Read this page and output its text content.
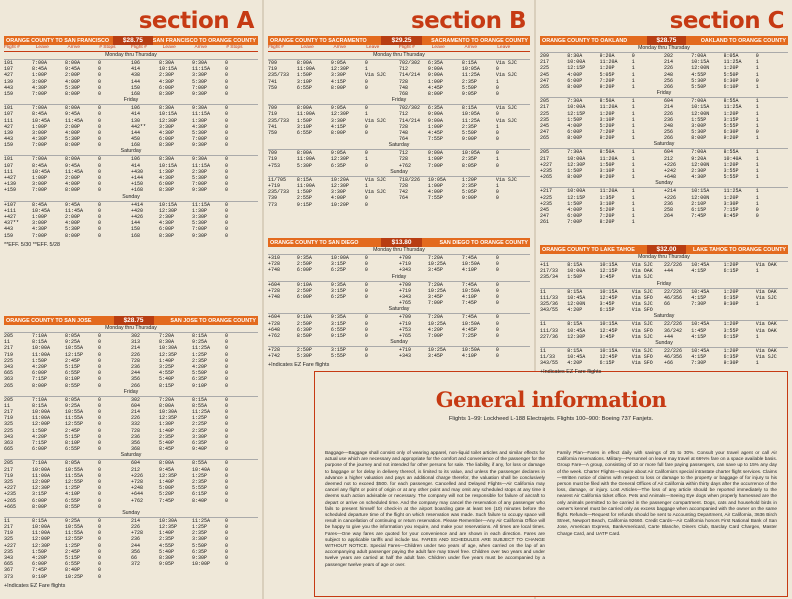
section A	section B	section C
General information
Flights 1–99: Lockheed L-188 Electrajets. Flights 100–900: Boeing 737 Fanjets.
Baggage—Baggage shall consist only of wearing apparel, non-liquid toilet articles and similar effects for actual use which are necessary and appropriate for the comfort and convenience of the passenger for the purpose of the journey and not intended for other persons for sale. The liability, if any, for loss or damage to baggage or for delay in delivery thereof, is limited to its value, and unless the passenger declares in advance a higher valuation and pays an additional charge therefor, the valuation shall be conclusively deemed not to exceed $500. for each passenger. Cancelled and Delayed Flights—Air California may cancel any flight or point of origin or at any other point and may omit any scheduled stops at any time it deems such action advisable or necessary. The company will not be responsible for failure of aircraft to depart or arrive on scheduled time. And the company may cancel the reservation of any passenger who fails to present himself for check-in at the airport boarding gate at least ten (10) minutes before the scheduled departure time of the flight on which reservation was made. Such failure to occupy space will result in cancellation of continuing or return reservation. Please Remember—Any Air California Office will be happy to give you the information you require, and make your reservations. All times are local times. Fares—One way fares are quoted for your convenience and are shown in each direction. Fares are subject to applicable tariffs and include tax. FARES AND SCHEDULES ARE SUBJECT TO CHANGE WITHOUT NOTICE. Special Fares—Children under two years of age, when carried on the lap of an accompanying adult passenger paying the adult fare may travel free. Children over two years and under twelve years are carried at half the adult fare. Children under five years must be accompanied by a passenger twelve years of age or over.
Family Plan—Fares in effect daily with savings of 25 to 30%. Consult your travel agent or call Air California reservations. Military—Personnel on leave may travel at 66⅔% fare on a space available basis. Group Fare—A group, consisting of 10 or more full fare paying passengers, can save up to 15% any day of the week. Charter Flights—Inquire about Air California's special intrastate charter flight services. Claims—Written notice of claims with respect to loss or damage to the property or baggage of for injury to his person must be filed with the General Offices of Air California within thirty days after the occurrence of the loss, damage, or injury. Lost Articles—The loss of any article should be reported immediately to the nearest Air California ticket office. Pets and Animals—Seeing Eye dogs when properly harnessed are the only animals permitted to be carried in the passenger compartment. Dogs, cats and household birds in owner's kennel must be carried only as excess baggage when accompanied with the owner on the same flight. Refunds—Request for refunds should be sent to Accounting Department, Air California, 3636 Birch Street, Newport Beach, California 92660. Credit Cards—Air California honors First National Bank of San Jose, American Express, BankAmericard, Carte Blanche, Diners Club, Barclay Card Chargex, Master Charge Card, and UATP Card.
ORANGE COUNTY TO SAN FRANCISCO	$28.75	SAN FRANCISCO TO ORANGE COUNTY
Flight #	Leave	Arrive	# Stops	Flight #	Leave	Arrive	# Stops
Monday thru Thursday
101	7:00A	8:00A	0
107	8:45A	9:45A	0
427	1:00P	2:00P	0
139	3:00P	4:00P	0
443	4:30P	5:30P	0
159	7:00P	8:00P	0
106	8:30A	9:30A	0
414	10:15A	11:15A	0
438	2:30P	3:30P	0
144	4:30P	5:30P	0
150	6:00P	7:00P	0
168	8:30P	9:30P	0
Friday
101	7:00A	8:00A	0
107	8:45A	9:45A	0
111	10:45A	11:45A	0
427	1:00P	2:00P	0
139	3:00P	4:00P	0
443	4:30P	5:30P	0
159	7:00P	8:00P	0
106	8:30A	9:30A	0
414	10:15A	11:15A	0
130	12:30P	1:30P	0
442**	3:30P	4:30P	0
144	4:30P	5:30P	0
450	6:00P	7:00P	0
168	8:30P	9:30P	0
Saturday
101	7:00A	8:00A	0
107	8:45A	9:45A	0
111	10:45A	11:45A	0
+427	1:00P	2:00P	0
+139	3:00P	4:00P	0
+159	7:00P	8:00P	0
106	8:30A	9:30A	0
414	10:15A	11:15A	0
+430	1:30P	2:30P	0
+144	4:30P	5:30P	0
+150	6:00P	7:00P	0
+168	8:30P	9:30P	0
Sunday
+107	8:45A	9:45A	0
+111	10:45A	11:45A	0
+427	1:00P	2:00P	0
437**	3:00P	4:00P	0
443	4:30P	5:30P	0
159	7:00P	8:00P	0
+414	10:15A	11:15A	0
+420	12:30P	1:30P	0
+426	2:30P	3:30P	0
144	4:30P	5:30P	0
150	6:00P	7:00P	0
168	8:30P	9:30P	0
**EFF. 5/30 **EFF. 5/28
ORANGE COUNTY TO SAN JOSE	$28.75	SAN JOSE TO ORANGE COUNTY
Monday thru Thursday
205	7:10A	8:05A	0
11	8:15A	9:25A	0
217	10:00A	10:55A	0
719	11:00A	12:15P	0
225	1:50P	2:45P	0
343	4:20P	5:15P	0
665	6:00P	6:55P	0
363	7:15P	8:10P	0
265	8:00P	8:55P	0
302	7:20A	8:15A	0
313	8:30A	9:25A	0
214	10:30A	11:25A	0
226	12:35P	1:25P	0
728	1:40P	2:35P	0
236	3:25P	4:20P	0
244	4:55P	5:50P	0
356	5:40P	6:35P	0
266	8:15P	9:10P	0
Friday
205	7:10A	8:05A	0
11	8:15A	9:25A	0
217	10:00A	10:55A	0
719	11:00A	11:55A	0
325	12:00P	12:55P	0
225	1:50P	2:45P	0
343	4:20P	5:15P	0
363	7:15P	8:10P	0
665	6:00P	6:55P	0
302	7:20A	8:15A	0
604	8:00A	8:55A	0
214	10:30A	11:25A	0
226	12:35P	1:25P	0
332	1:30P	2:25P	0
728	1:40P	2:35P	0
236	2:35P	3:30P	0
356	5:40P	6:35P	0
368	8:45P	9:40P	0
Saturday
205	7:10A	8:05A	0
217	10:00A	10:55A	0
719	11:00A	11:55A	0
325	12:00P	12:55P	0
+227	12:30P	1:25P	0
+235	3:15P	4:10P	0
+265	6:00P	6:55P	0
+665	8:00P	8:55P	0
604	8:00A	8:55A	0
212	9:45A	10:40A	0
+226	12:35P	1:25P	0
+728	1:40P	2:35P	0
+248	5:00P	5:55P	0
+644	5:20P	6:15P	0
+762	7:45P	8:40P	0
Sunday
11	8:15A	9:25A	0
217	10:00A	10:55A	0
719	11:00A	11:55A	0
325	12:00P	12:55P	0
+227	12:30P	1:25P	0
235	1:50P	2:45P	0
343	4:20P	5:15P	0
665	6:00P	6:55P	0
367	7:45P	8:40P	0
373	9:10P	10:25P	0
214	10:30A	11:25A	0
226	12:35P	1:25P	0
+728	1:40P	2:35P	0
236	2:35P	3:30P	0
244	4:55P	5:50P	0
356	5:40P	6:35P	0
66	8:30P	9:30P	0
372	9:05P	10:00P	0
+Indicates EZ Fare flights
ORANGE COUNTY TO SACRAMENTO	$29.25	SACRAMENTO TO ORANGE COUNTY
Flight #	Leave	Arrive	Leave	Flight #	Leave	Arrive	Leave
Monday thru Thursday
709	8:00A	9:05A	0
719	11:00A	12:30P	1
235/733	1:50P	3:30P	Via SJC
741	3:10P	4:15P	0
759	6:55P	8:00P	0
702/302	6:35A	8:15A	Via SJC
712	9:00A	10:05A	0
714/214	9:00A	11:25A	Via SJC
728	1:00P	2:35P	1
748	4:45P	5:50P	0
768	8:00P	9:05P	0
Friday
709	8:00A	9:05A	0
719	11:00A	12:30P	1
235/733	1:50P	3:30P	Via SJC
741	3:10P	4:15P	0
759	6:55P	8:00P	0
702/302	6:35A	8:15A	Via SJC
712	9:00A	10:05A	0
714/214	9:00A	11:25A	Via SJC
728	1:00P	2:35P	1
748	4:45P	5:50P	0
764	7:55P	9:00P	0
Saturday
709	8:00A	9:05A	0
719	11:00A	12:30P	1
+753	5:30P	6:35P	0
712	9:00A	10:05A	0
728	1:00P	2:35P	1
+762	7:00P	8:05P	0
Sunday
11/705	8:15A	10:20A	Via SJC
+719	11:00A	12:30P	1
235/733	1:50P	3:30P	Via SJC
739	2:55P	4:00P	0
773	9:15P	10:20P	0
718/226	10:05A	1:20P	Via SJC
728	1:00P	2:35P	1
742	4:00P	5:05P	0
764	7:55P	9:00P	0
ORANGE COUNTY TO SAN DIEGO	$13.80	SAN DIEGO TO ORANGE COUNTY
Monday thru Thursday
+310	9:35A	10:00A	0
+728	2:50P	3:15P	0
+748	6:00P	6:25P	0
+709	7:20A	7:45A	0
+719	10:25A	10:50A	0
+343	3:45P	4:10P	0
Friday
+604	9:10A	9:35A	0
+728	2:50P	3:15P	0
+748	6:00P	6:25P	0
+709	7:20A	7:45A	0
+719	10:25A	10:50A	0
+343	3:45P	4:10P	0
+765	7:00P	7:45P	0
Saturday
+604	9:10A	9:35A	0
+728	2:50P	3:15P	0
+648	6:30P	6:55P	0
+762	8:50P	9:15P	0
+709	7:20A	7:45A	0
+719	10:25A	10:50A	0
+753	4:20P	4:45P	0
+765	7:00P	7:25P	0
Sunday
+728	2:50P	3:15P	0
+742	5:30P	5:55P	0
+719	10:25A	10:50A	0
+343	3:45P	4:10P	0
+Indicates EZ Fare flights
ORANGE COUNTY TO OAKLAND	$28.75	OAKLAND TO ORANGE COUNTY
Monday thru Thursday
209	8:30A	9:20A	0
217	10:00A	11:20A	1
225	12:15P	1:20P	1
245	4:00P	5:05P	1
247	6:00P	7:20P	1
265	8:00P	9:20P	1
202	7:00A	8:05A	0
214	10:15A	11:25A	1
226	12:00N	1:20P	1
248	4:55P	5:50P	1
256	5:30P	6:30P	0
266	5:50P	6:10P	1
Friday
205	7:30A	8:50A	1
217	10:00A	11:20A	1
225	12:15P	1:20P	1
235	1:50P	3:10P	1
245	4:00P	5:20P	1
247	6:00P	7:20P	1
265	8:00P	9:20P	1
604	7:00A	8:55A	1
214	10:15A	11:25A	1
226	12:00N	1:20P	1
236	1:55P	3:15P	1
248	3:00P	5:55P	1
256	5:30P	6:30P	0
266	8:00P	9:20P	1
Saturday
205	7:30A	8:50A	1
217	10:00A	11:20A	1
+227	12:30P	1:50P	1
+235	1:50P	3:10P	1
+265	8:00P	9:20P	1
604	7:00A	8:55A	1
212	9:20A	10:40A	1
+226	12:00N	1:20P	1
+242	2:30P	3:55P	1
+648	4:30P	5:55P	1
Sunday
+217	10:00A	11:20A	1
+225	12:15P	1:35P	1
+235	1:50P	3:10P	1
245	4:00P	5:20P	1
247	6:00P	7:20P	1
261	7:00P	8:20P	1
+214	10:15A	11:25A	1
+226	12:00N	1:20P	1
236	2:10P	3:30P	1
258	6:15P	7:15P	0
264	7:45P	8:45P	0
ORANGE COUNTY TO LAKE TAHOE	$32.00	LAKE TAHOE TO ORANGE COUNTY
Monday thru Thursday
+11	8:15A	10:15A	Via SJC
217/33	10:00A	12:15P	Via OAK
235/34	1:50P	3:45P	Via SJC
22/226	10:45A	1:20P	Via OAK
+44	4:15P	6:15P	1
Friday
11	8:15A	10:15A	Via SJC
111/33	10:45A	12:45P	Via SFO
325/36	12:00N	3:45P	Via SJC
343/55	4:20P	6:15P	Via SFO
22/226	10:45A	1:20P	Via OAK
46/356	4:15P	6:35P	Via SJC
66	7:30P	9:30P	1
Saturday
11	8:15A	10:15A	Via SJC
111/33	10:45A	12:45P	Via SFO
227/36	12:30P	3:45P	Via SJC
22/226	10:45A	1:20P	Via OAK
36/242	1:45P	3:55P	Via OAK
+44	4:15P	6:15P	1
Sunday
11	8:15A	10:15A	Via SJC
11/33	10:45A	12:45P	Via SFO
343/55	4:20P	6:15P	Via SFO
22/226	10:45A	1:20P	Via OAK
46/356	4:15P	6:35P	Via SJC
+66	7:30P	9:30P	1
+Indicates EZ Fare flights
